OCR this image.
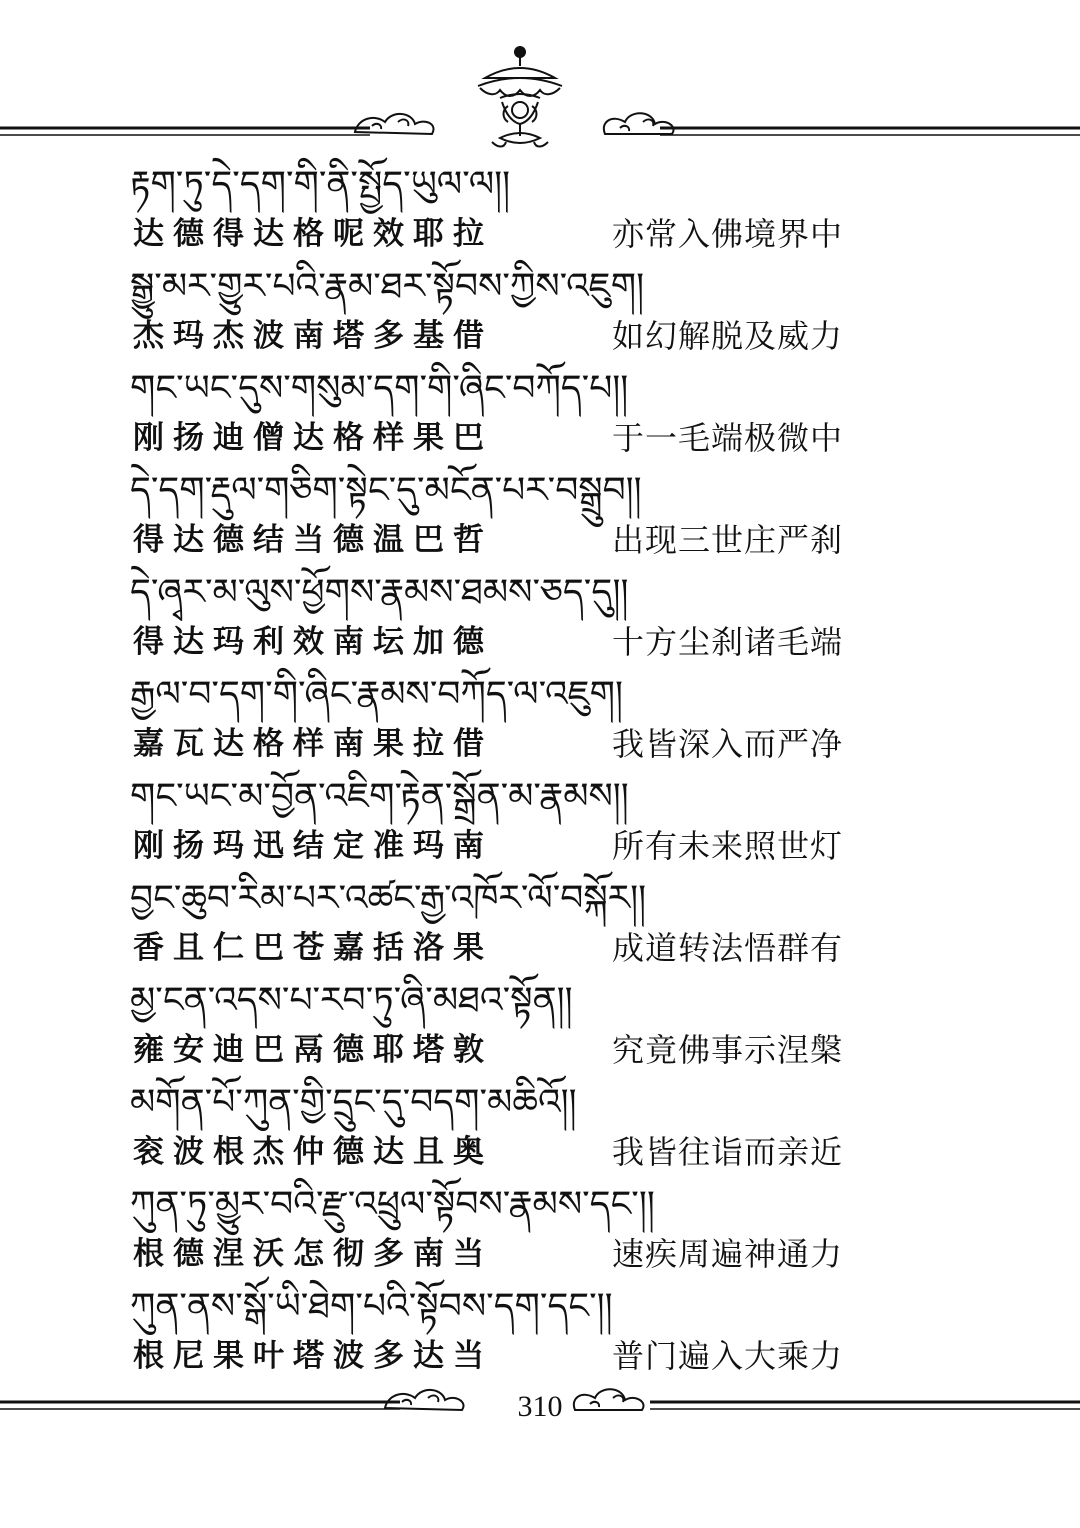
རྟག་ཏུ་དེ་དག་གི་ནི་སྤྱོད་ཡུལ་ལ།།
达德得达格呢效耶拉	亦常入佛境界中
སྒྱུ་མར་གྱུར་པའི་རྣམ་ཐར་སྟོབས་ཀྱིས་འཇུག།
杰玛杰波南塔多基借	如幻解脱及威力
གང་ཡང་དུས་གསུམ་དག་གི་ཞིང་བཀོད་པ།།
刚扬迪僧达格样果巴	于一毛端极微中
དེ་དག་རྡུལ་གཅིག་སྟེང་དུ་མངོན་པར་བསྒྲུབ།།
得达德结当德温巴哲	出现三世庄严刹
དེ་ཞྭར་མ་ལུས་ཕྱོགས་རྣམས་ཐམས་ཅད་དུ།།
得达玛利效南坛加德	十方尘刹诸毛端
རྒྱལ་བ་དག་གི་ཞིང་རྣམས་བཀོད་ལ་འཇུག།
嘉瓦达格样南果拉借	我皆深入而严净
གང་ཡང་མ་བྱོན་འཇིག་རྟེན་སྒྲོན་མ་རྣམས།།
刚扬玛迅结定准玛南	所有未来照世灯
བྱང་ཆུབ་རིམ་པར་འཚང་རྒྱ་འཁོར་ལོ་བསྐོར།།
香且仁巴苍嘉括洛果	成道转法悟群有
མྱ་ངན་འདས་པ་རབ་ཏུ་ཞི་མཐའ་སྟོན།།
雍安迪巴鬲德耶塔敦	究竟佛事示涅槃
མགོན་པོ་ཀུན་གྱི་དྲུང་དུ་བདག་མཆིའོ།།
衮波根杰仲德达且奥	我皆往诣而亲近
ཀུན་ཏུ་མྱུར་བའི་རྫུ་འཕྲུལ་སྟོབས་རྣམས་དང་།།
根德涅沃怎彻多南当	速疾周遍神通力
ཀུན་ནས་སྒོ་ཡི་ཐེག་པའི་སྟོབས་དག་དང་།།
根尼果叶塔波多达当	普门遍入大乘力
310
